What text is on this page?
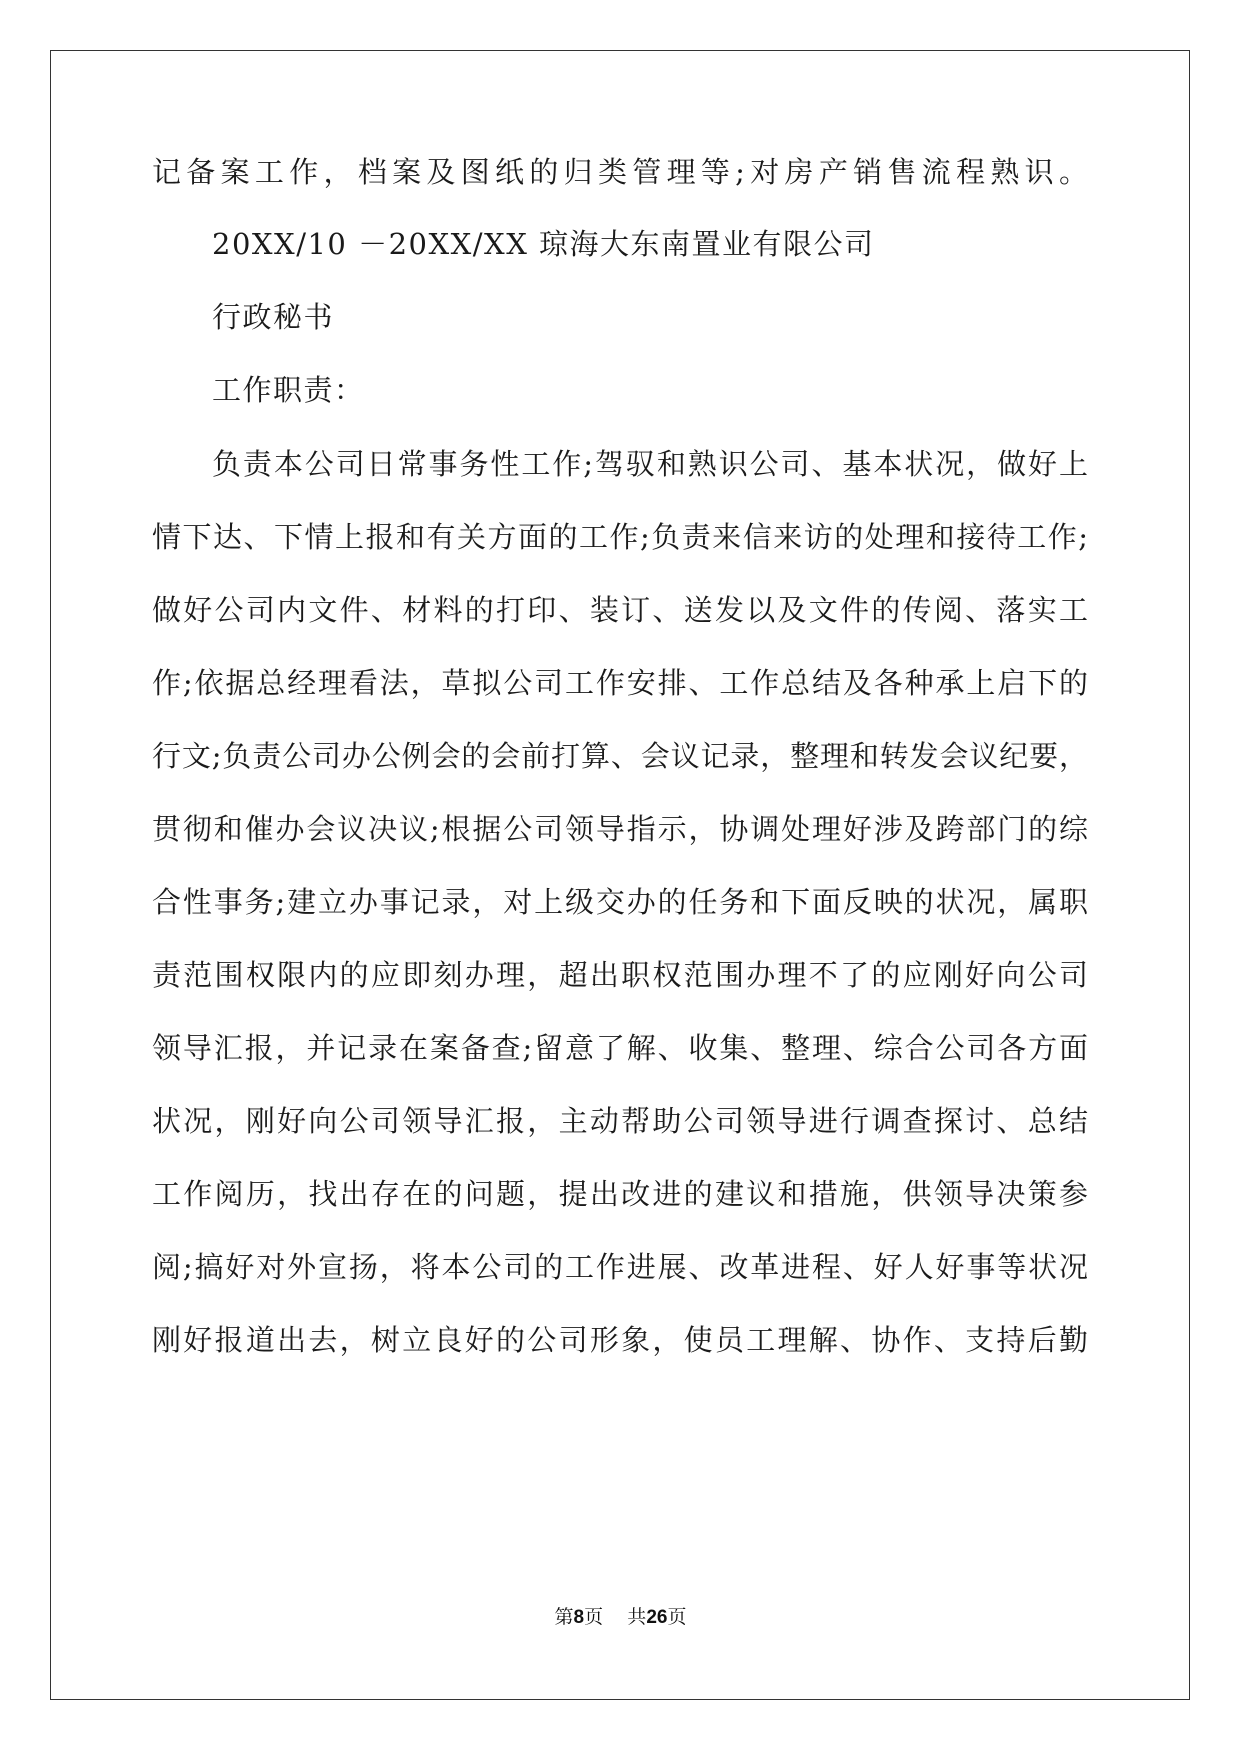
记备案工作，档案及图纸的归类管理等;对房产销售流程熟识。
20XX/10 －20XX/XX 琼海大东南置业有限公司
行政秘书
工作职责：
负责本公司日常事务性工作;驾驭和熟识公司、基本状况，做好上
情下达、下情上报和有关方面的工作;负责来信来访的处理和接待工作;
做好公司内文件、材料的打印、装订、送发以及文件的传阅、落实工
作;依据总经理看法，草拟公司工作安排、工作总结及各种承上启下的
行文;负责公司办公例会的会前打算、会议记录，整理和转发会议纪要，
贯彻和催办会议决议;根据公司领导指示，协调处理好涉及跨部门的综
合性事务;建立办事记录，对上级交办的任务和下面反映的状况，属职
责范围权限内的应即刻办理，超出职权范围办理不了的应刚好向公司
领导汇报，并记录在案备查;留意了解、收集、整理、综合公司各方面
状况，刚好向公司领导汇报，主动帮助公司领导进行调查探讨、总结
工作阅历，找出存在的问题，提出改进的建议和措施，供领导决策参
阅;搞好对外宣扬，将本公司的工作进展、改革进程、好人好事等状况
刚好报道出去，树立良好的公司形象，使员工理解、协作、支持后勤
第8页 共26页
